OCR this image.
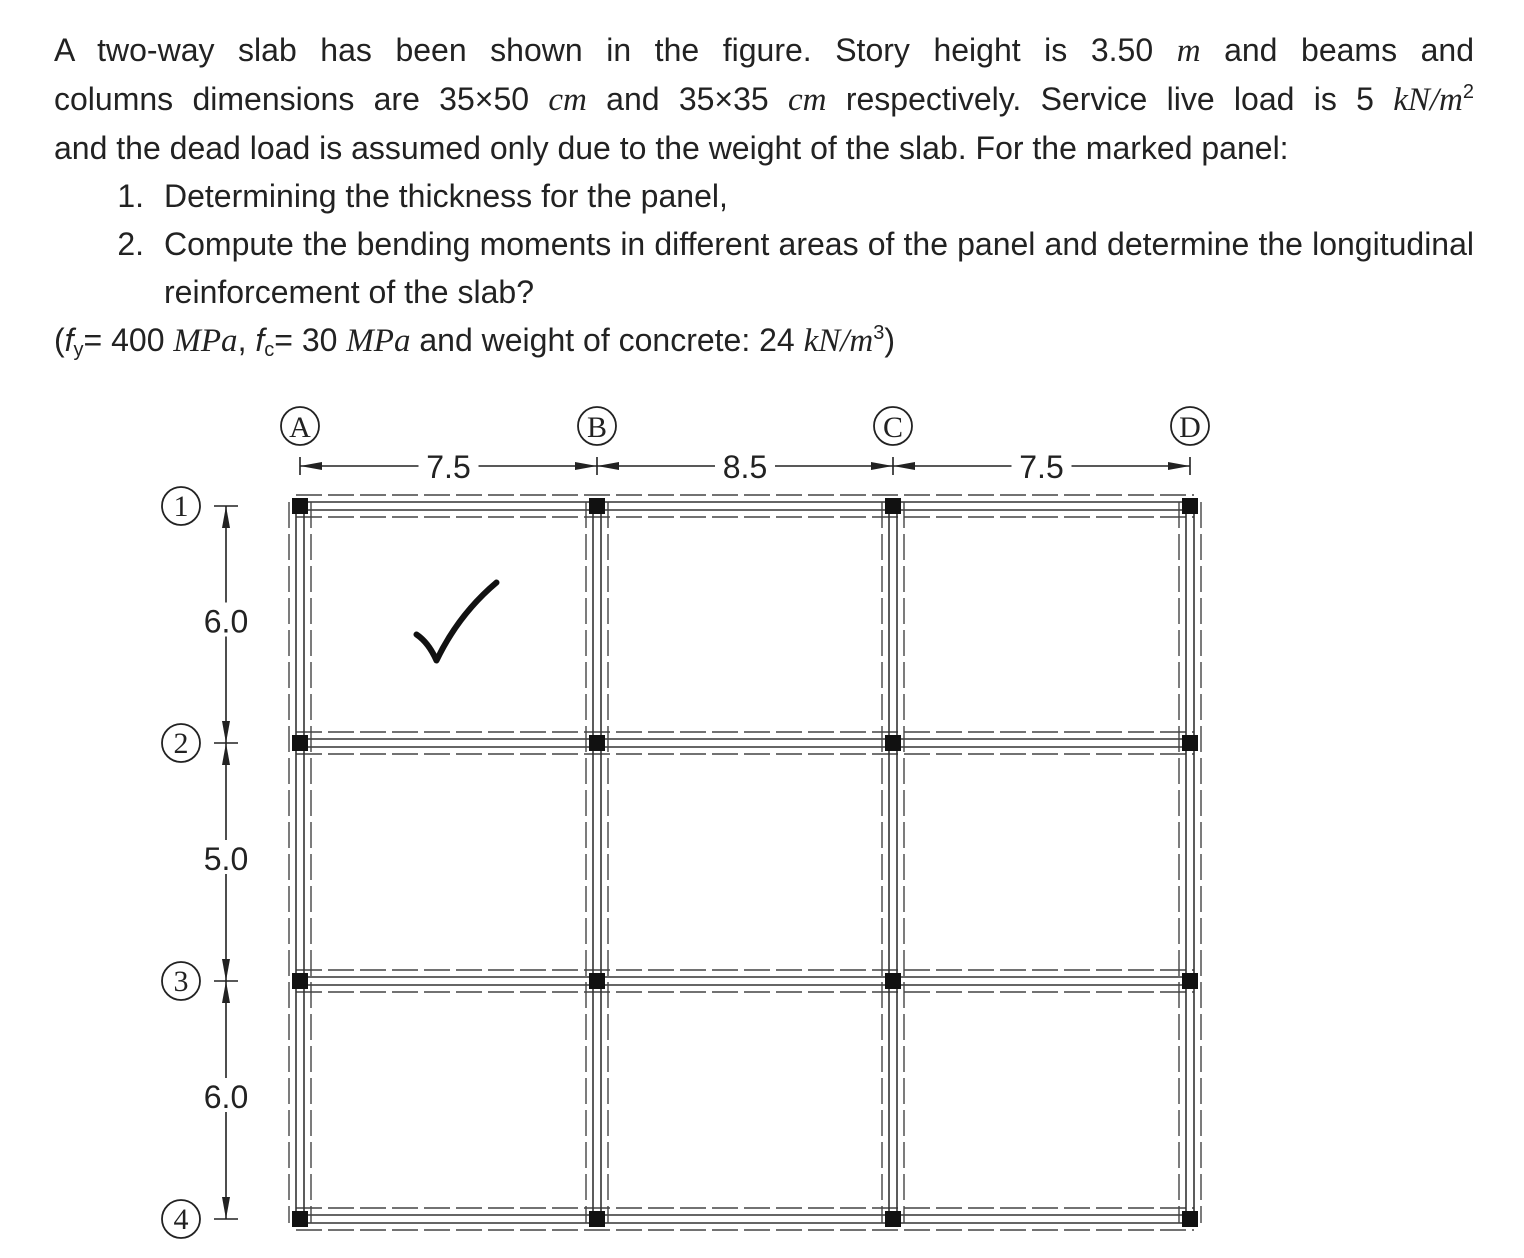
A two-way slab has been shown in the figure. Story height is 3.50 m and beams and
columns dimensions are 35×50 cm and 35×35 cm respectively. Service live load is 5 $kN/m^2$
and the dead load is assumed only due to the weight of the slab. For the marked panel:
1. Determining the thickness for the panel,
2. Compute the bending moments in different areas of the panel and determine the longitudinal reinforcement of the slab?
($f_y= 400$ MPa, $f_c= 30$ MPa and weight of concrete: 24 $kN/m^3$)
A	B	C	D
1
2
3
4
7.5	8.5	7.5
6.0
5.0
6.0
